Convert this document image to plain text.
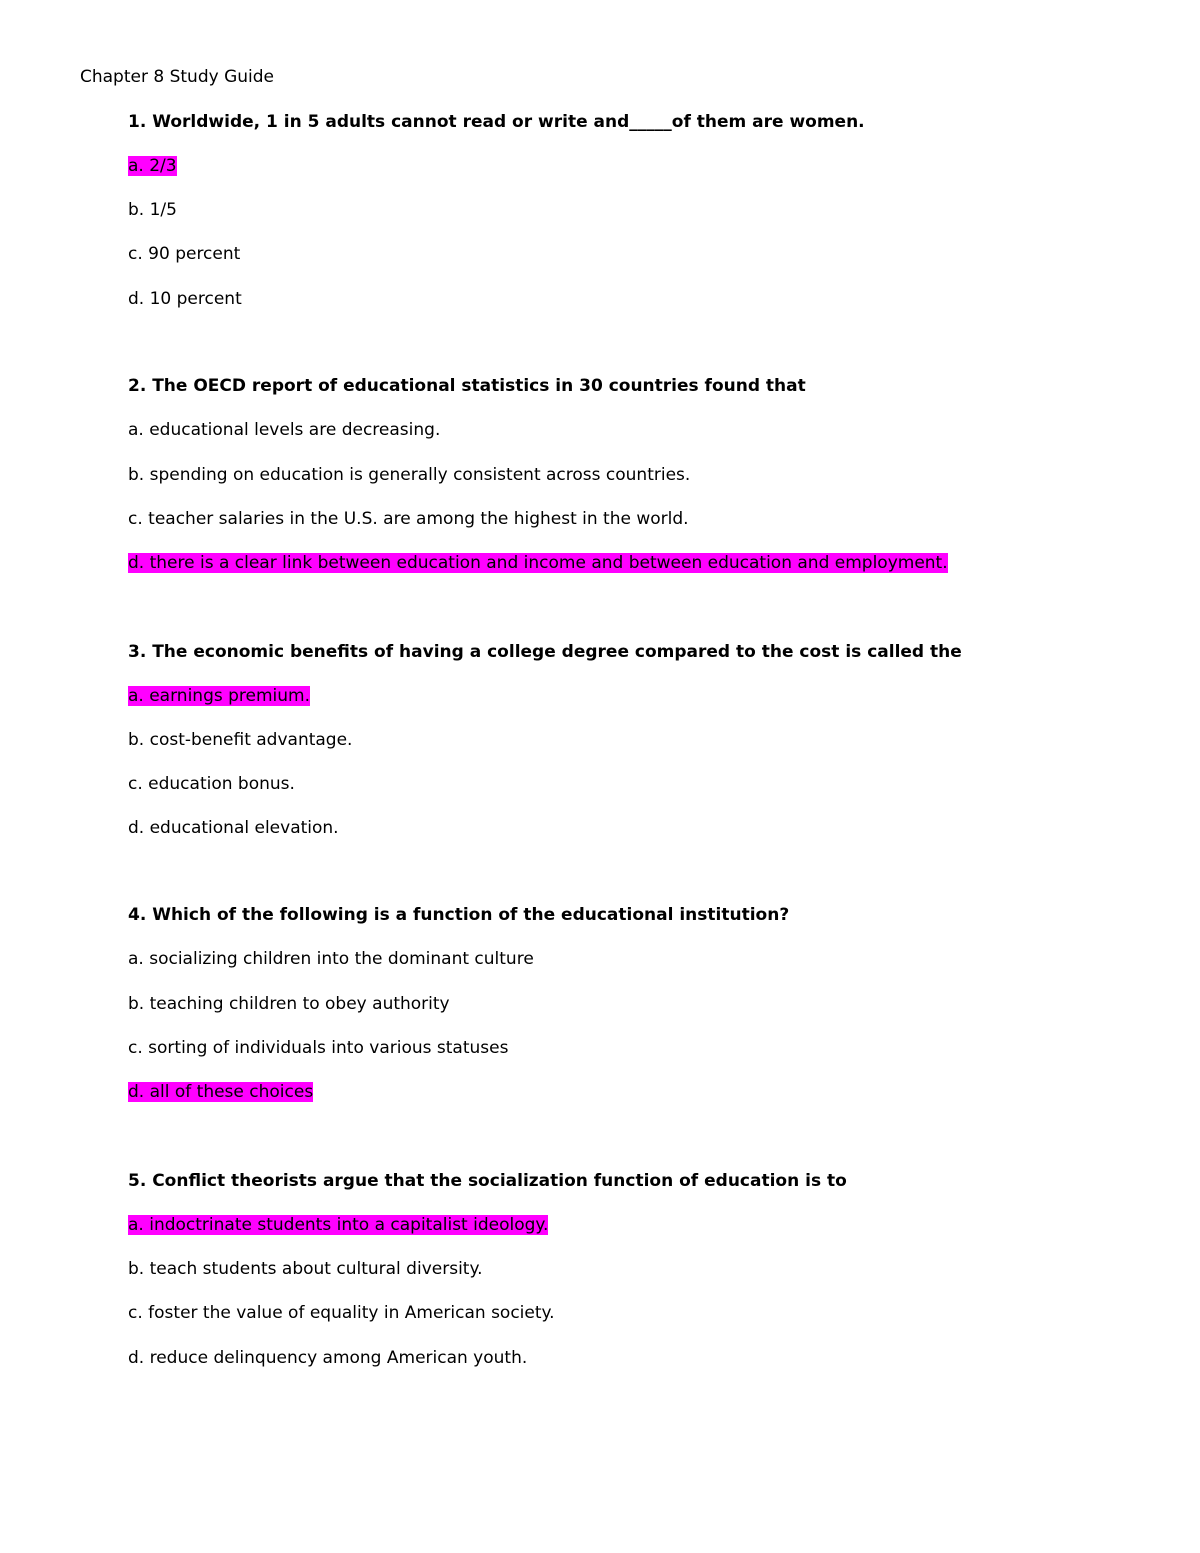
Chapter 8 Study Guide
1. Worldwide, 1 in 5 adults cannot read or write and_____of them are women.
a. 2/3
b. 1/5
c. 90 percent
d. 10 percent
2. The OECD report of educational statistics in 30 countries found that
a. educational levels are decreasing.
b. spending on education is generally consistent across countries.
c. teacher salaries in the U.S. are among the highest in the world.
d. there is a clear link between education and income and between education and employment.
3. The economic benefits of having a college degree compared to the cost is called the
a. earnings premium.
b. cost-benefit advantage.
c. education bonus.
d. educational elevation.
4. Which of the following is a function of the educational institution?
a. socializing children into the dominant culture
b. teaching children to obey authority
c. sorting of individuals into various statuses
d. all of these choices
5. Conflict theorists argue that the socialization function of education is to
a. indoctrinate students into a capitalist ideology.
b. teach students about cultural diversity.
c. foster the value of equality in American society.
d. reduce delinquency among American youth.
